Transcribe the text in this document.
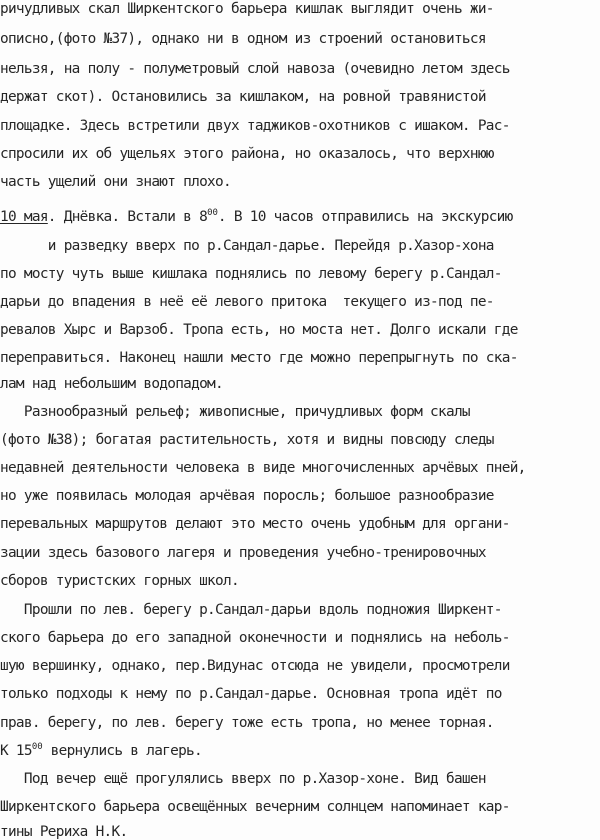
ричудливых скал Ширкентского барьера кишлак выглядит очень жи-
описно,(фото №37), однако ни в одном из строений остановиться
нельзя, на полу - полуметровый слой навоза (очевидно летом здесь
держат скот). Остановились за кишлаком, на ровной травянистой
площадке. Здесь встретили двух таджиков-охотников с ишаком. Рас-
спросили их об ущельях этого района, но оказалось, что верхнюю
часть ущелий они знают плохо.
10 мая. Днёвка. Встали в $8^{00}$. В 10 часов отправились на экскурсию
и разведку вверх по р.Сандал-дарье. Перейдя р.Хазор-хона
по мосту чуть выше кишлака поднялись по левому берегу р.Сандал-
дарьи до впадения в неё её левого притока  текущего из-под пе-
ревалов Хырс и Варзоб. Тропа есть, но моста нет. Долго искали где
переправиться. Наконец нашли место где можно перепрыгнуть по ска-
лам над небольшим водопадом.
Разнообразный рельеф; живописные, причудливых форм скалы
(фото №38); богатая растительность, хотя и видны повсюду следы
недавней деятельности человека в виде многочисленных арчёвых пней,
но уже появилась молодая арчёвая поросль; большое разнообразие
перевальных маршрутов делают это место очень удобным для органи-
зации здесь базового лагеря и проведения учебно-тренировочных
сборов туристских горных школ.
Прошли по лев. берегу р.Сандал-дарьи вдоль подножия Ширкент-
ского барьера до его западной оконечности и поднялись на неболь-
шую вершинку, однако, пер.Видунас отсюда не увидели, просмотрели
только подходы к нему по р.Сандал-дарье. Основная тропа идёт по
прав. берегу, по лев. берегу тоже есть тропа, но менее торная.
К $15^{00}$ вернулись в лагерь.
Под вечер ещё прогулялись вверх по р.Хазор-хоне. Вид башен
Ширкентского барьера освещённых вечерним солнцем напоминает кар-
тины Рериха Н.К.
